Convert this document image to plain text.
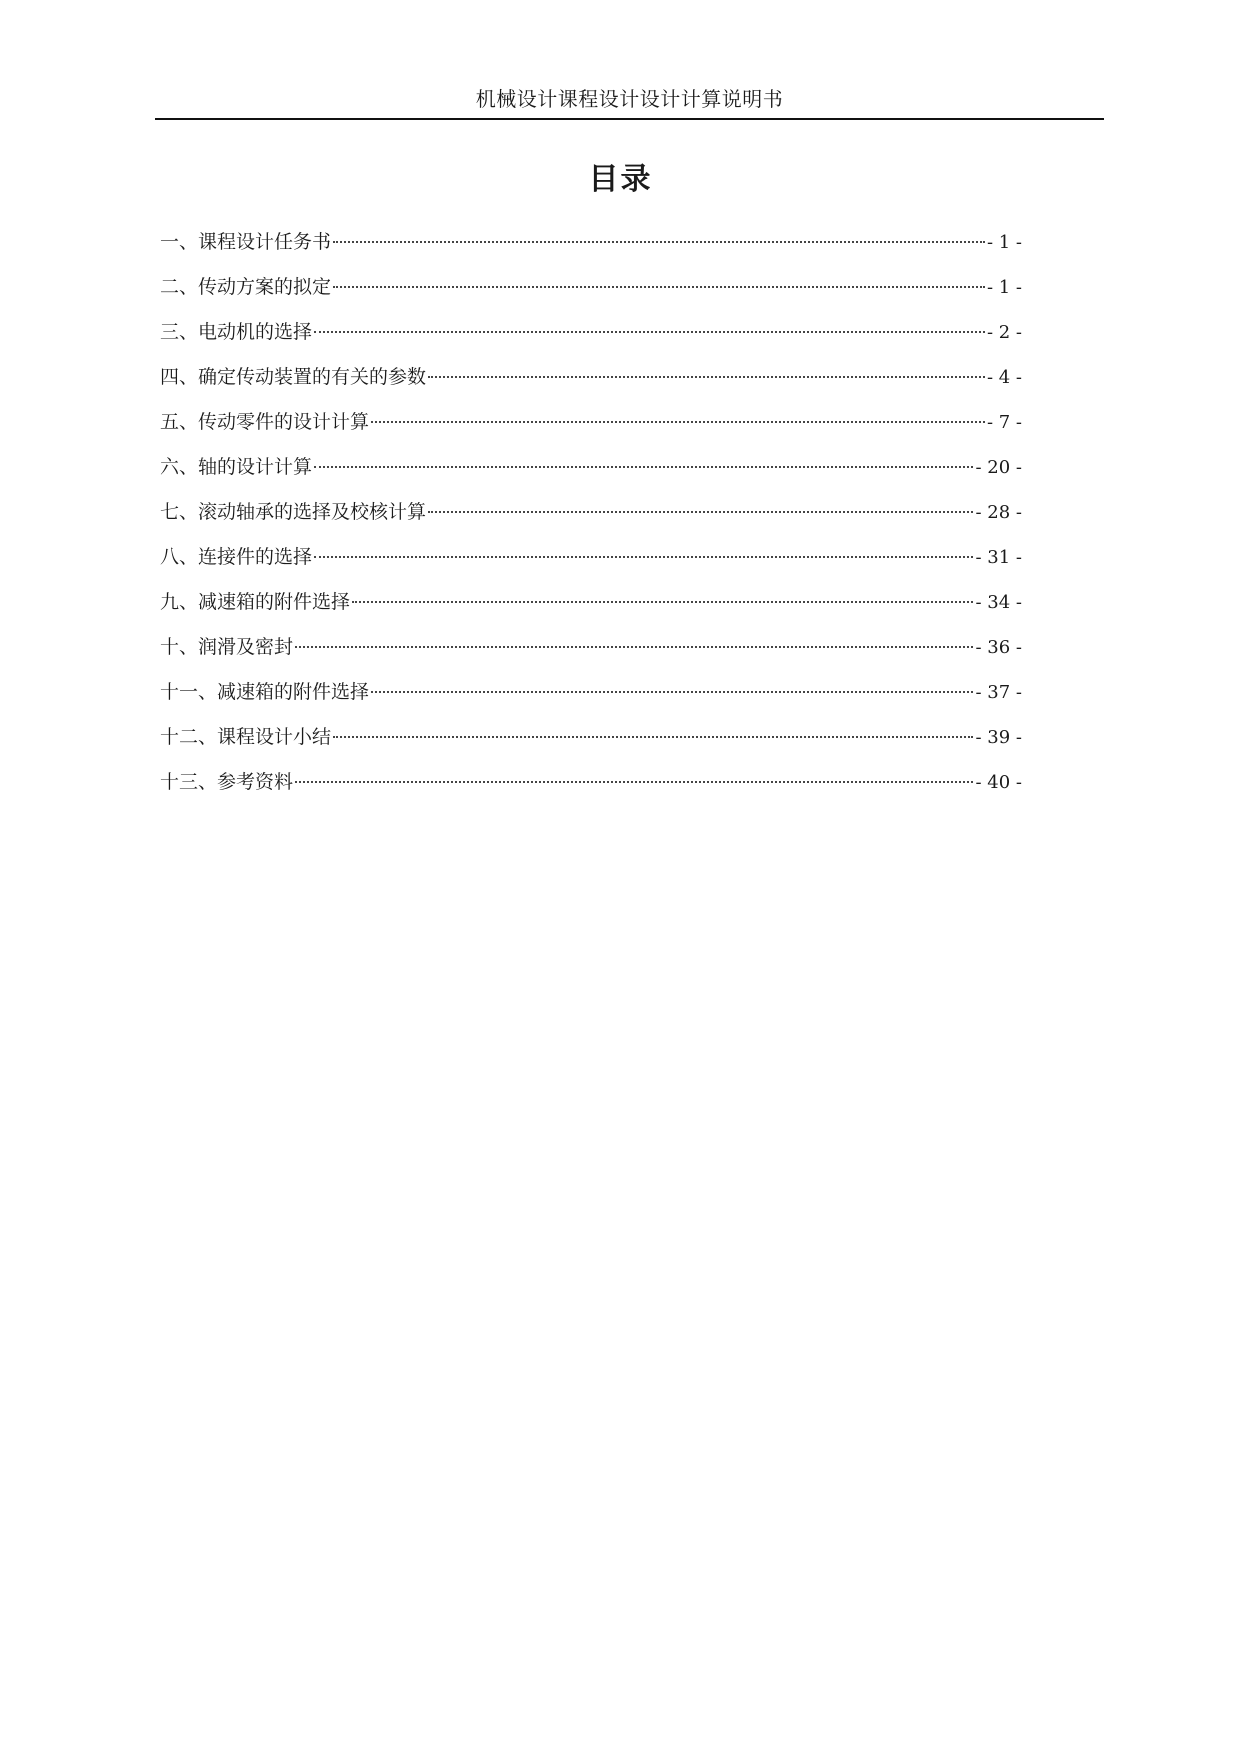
机械设计课程设计设计计算说明书
目录
一、课程设计任务书	- 1 -
二、传动方案的拟定	- 1 -
三、电动机的选择	- 2 -
四、确定传动装置的有关的参数	- 4 -
五、传动零件的设计计算	- 7 -
六、轴的设计计算	- 20 -
七、滚动轴承的选择及校核计算	- 28 -
八、连接件的选择	- 31 -
九、减速箱的附件选择	- 34 -
十、润滑及密封	- 36 -
十一、减速箱的附件选择	- 37 -
十二、课程设计小结	- 39 -
十三、参考资料	- 40 -
